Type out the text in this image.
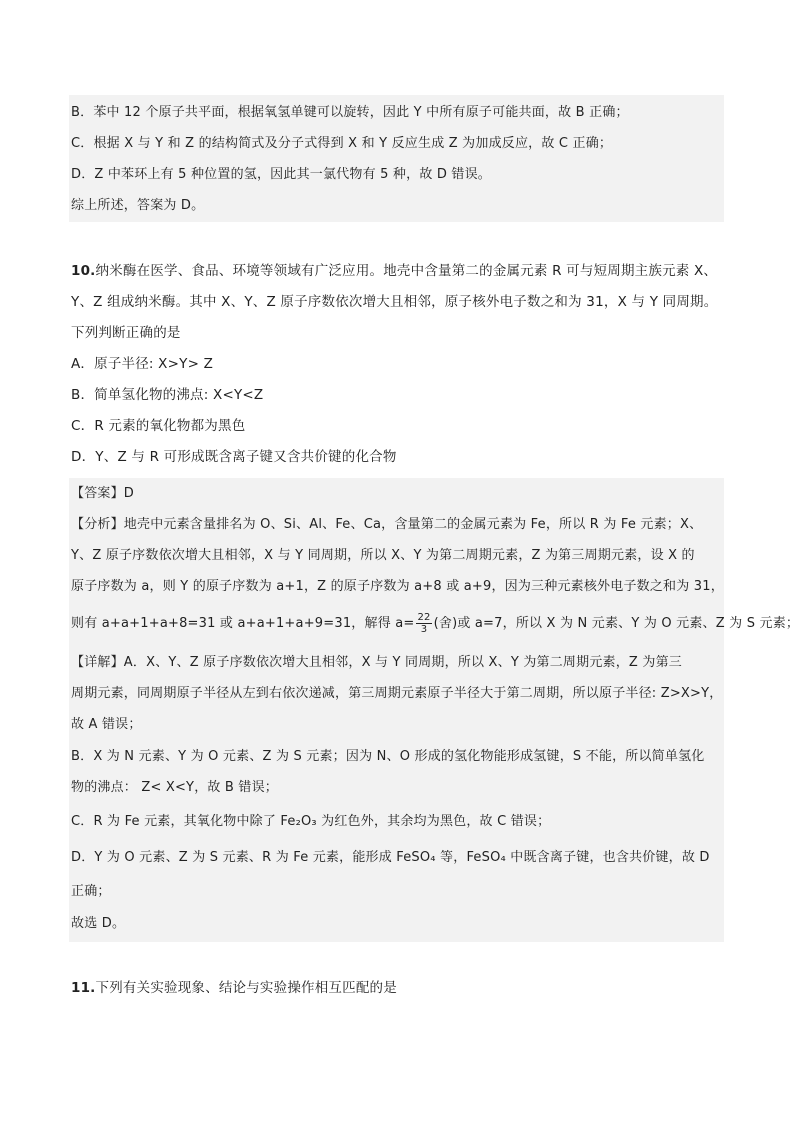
B．苯中 12 个原子共平面，根据氧氢单键可以旋转，因此 Y 中所有原子可能共面，故 B 正确；
C．根据 X 与 Y 和 Z 的结构简式及分子式得到 X 和 Y 反应生成 Z 为加成反应，故 C 正确；
D．Z 中苯环上有 5 种位置的氢，因此其一氯代物有 5 种，故 D 错误。
综上所述，答案为 D。
10.纳米酶在医学、食品、环境等领域有广泛应用。地壳中含量第二的金属元素 R 可与短周期主族元素 X、
Y、Z 组成纳米酶。其中 X、Y、Z 原子序数依次增大且相邻，原子核外电子数之和为 31，X 与 Y 同周期。
下列判断正确的是
A．原子半径: X>Y> Z
B．简单氢化物的沸点: X<Y<Z
C．R 元素的氧化物都为黑色
D．Y、Z 与 R 可形成既含离子键又含共价键的化合物
【答案】D
【分析】地壳中元素含量排名为 O、Si、Al、Fe、Ca，含量第二的金属元素为 Fe，所以 R 为 Fe 元素；X、
Y、Z 原子序数依次增大且相邻，X 与 Y 同周期，所以 X、Y 为第二周期元素，Z 为第三周期元素，设 X 的
原子序数为 a，则 Y 的原子序数为 a+1，Z 的原子序数为 a+8 或 a+9，因为三种元素核外电子数之和为 31，
则有 a+a+1+a+8=31 或 a+a+1+a+9=31，解得 $a= \frac{22}{3}$ (舍)或 a=7，所以 X 为 N 元素、Y 为 O 元素、Z 为 S 元素；
【详解】A．X、Y、Z 原子序数依次增大且相邻，X 与 Y 同周期，所以 X、Y 为第二周期元素，Z 为第三
周期元素，同周期原子半径从左到右依次递减，第三周期元素原子半径大于第二周期，所以原子半径: Z>X>Y，
故 A 错误；
B．X 为 N 元素、Y 为 O 元素、Z 为 S 元素；因为 N、O 形成的氢化物能形成氢键，S 不能，所以简单氢化
物的沸点： Z< X<Y，故 B 错误；
C．R 为 Fe 元素，其氧化物中除了 Fe₂O₃ 为红色外，其余均为黑色，故 C 错误；
D．Y 为 O 元素、Z 为 S 元素、R 为 Fe 元素，能形成 FeSO₄ 等，FeSO₄ 中既含离子键，也含共价键，故 D
正确；
故选 D。
11.下列有关实验现象、结论与实验操作相互匹配的是
